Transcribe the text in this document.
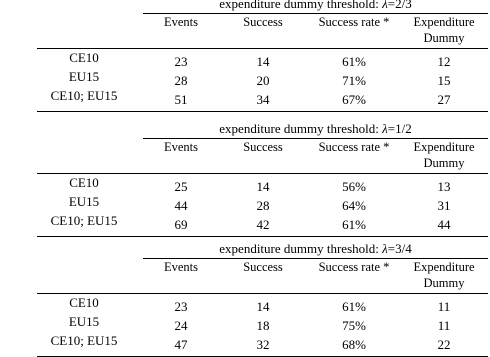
expenditure dummy threshold: λ=2/3
Events	Success	Success rate *	Expenditure
Dummy
CE10	23	14	61%	12
EU15	28	20	71%	15
CE10; EU15	51	34	67%	27
expenditure dummy threshold: λ=1/2
Events	Success	Success rate *	Expenditure
Dummy
CE10	25	14	56%	13
EU15	44	28	64%	31
CE10; EU15	69	42	61%	44
expenditure dummy threshold: λ=3/4
Events	Success	Success rate *	Expenditure
Dummy
CE10	23	14	61%	11
EU15	24	18	75%	11
CE10; EU15	47	32	68%	22
